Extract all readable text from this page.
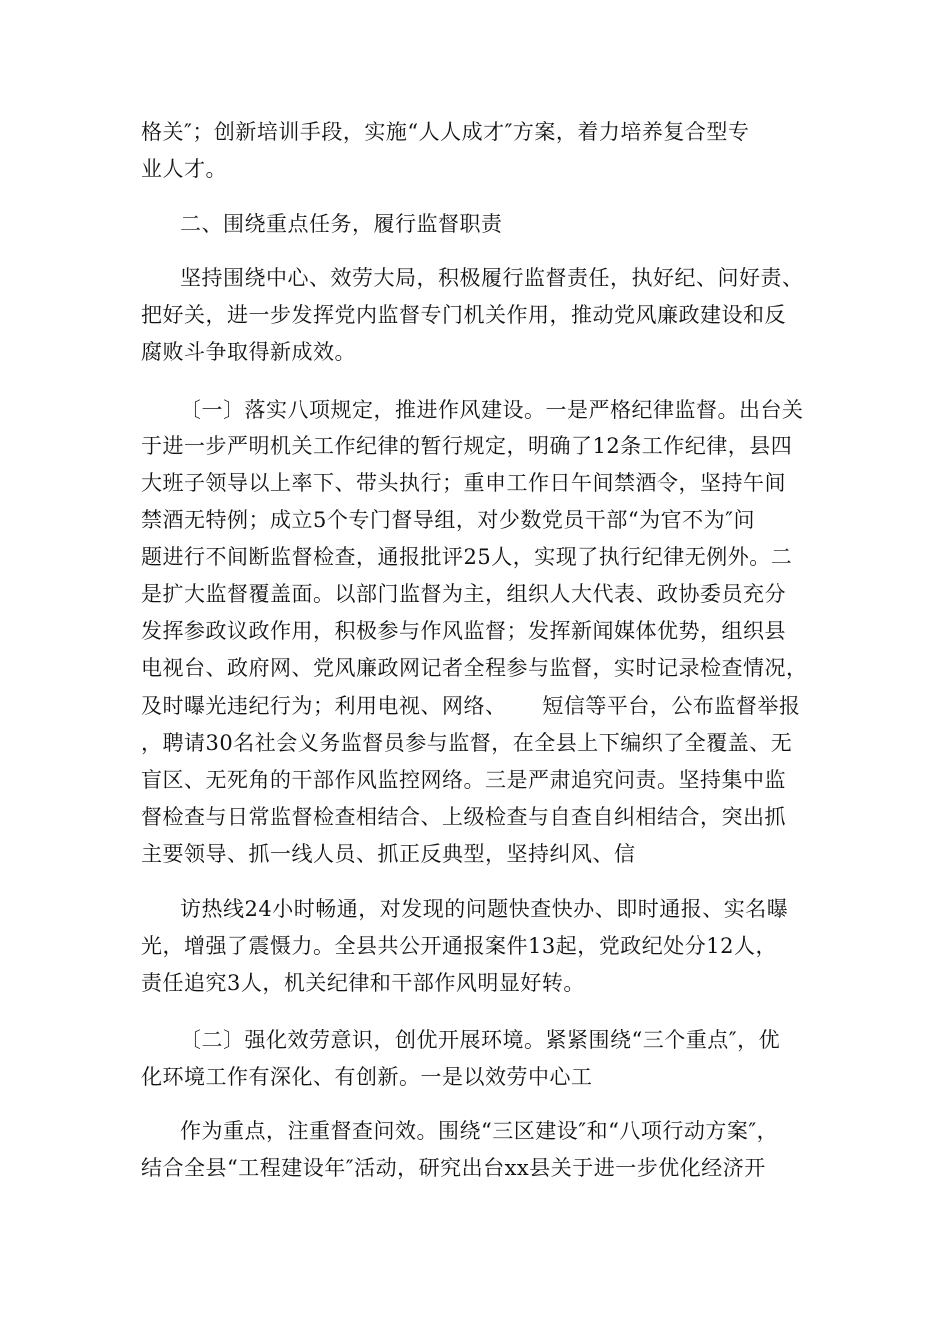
格关″；创新培训手段，实施“人人成才″方案，着力培养复合型专
业人才。
二、围绕重点任务，履行监督职责
坚持围绕中心、效劳大局，积极履行监督责任，执好纪、问好责、
把好关，进一步发挥党内监督专门机关作用，推动党风廉政建设和反
腐败斗争取得新成效。
〔一〕落实八项规定，推进作风建设。一是严格纪律监督。出台关
于进一步严明机关工作纪律的暂行规定，明确了12条工作纪律，县四
大班子领导以上率下、带头执行；重申工作日午间禁酒令，坚持午间
禁酒无特例；成立5个专门督导组，对少数党员干部“为官不为″问
题进行不间断监督检查，通报批评25人，实现了执行纪律无例外。二
是扩大监督覆盖面。以部门监督为主，组织人大代表、政协委员充分
发挥参政议政作用，积极参与作风监督；发挥新闻媒体优势，组织县
电视台、政府网、党风廉政网记者全程参与监督，实时记录检查情况，
及时曝光违纪行为；利用电视、网络、     短信等平台，公布监督举报
，聘请30名社会义务监督员参与监督，在全县上下编织了全覆盖、无
盲区、无死角的干部作风监控网络。三是严肃追究问责。坚持集中监
督检查与日常监督检查相结合、上级检查与自查自纠相结合，突出抓
主要领导、抓一线人员、抓正反典型，坚持纠风、信
访热线24小时畅通，对发现的问题快查快办、即时通报、实名曝
光，增强了震慑力。全县共公开通报案件13起，党政纪处分12人，
责任追究3人，机关纪律和干部作风明显好转。
〔二〕强化效劳意识，创优开展环境。紧紧围绕“三个重点″，优
化环境工作有深化、有创新。一是以效劳中心工
作为重点，注重督查问效。围绕“三区建设″和“八项行动方案″，
结合全县“工程建设年″活动，研究出台xx县关于进一步优化经济开
